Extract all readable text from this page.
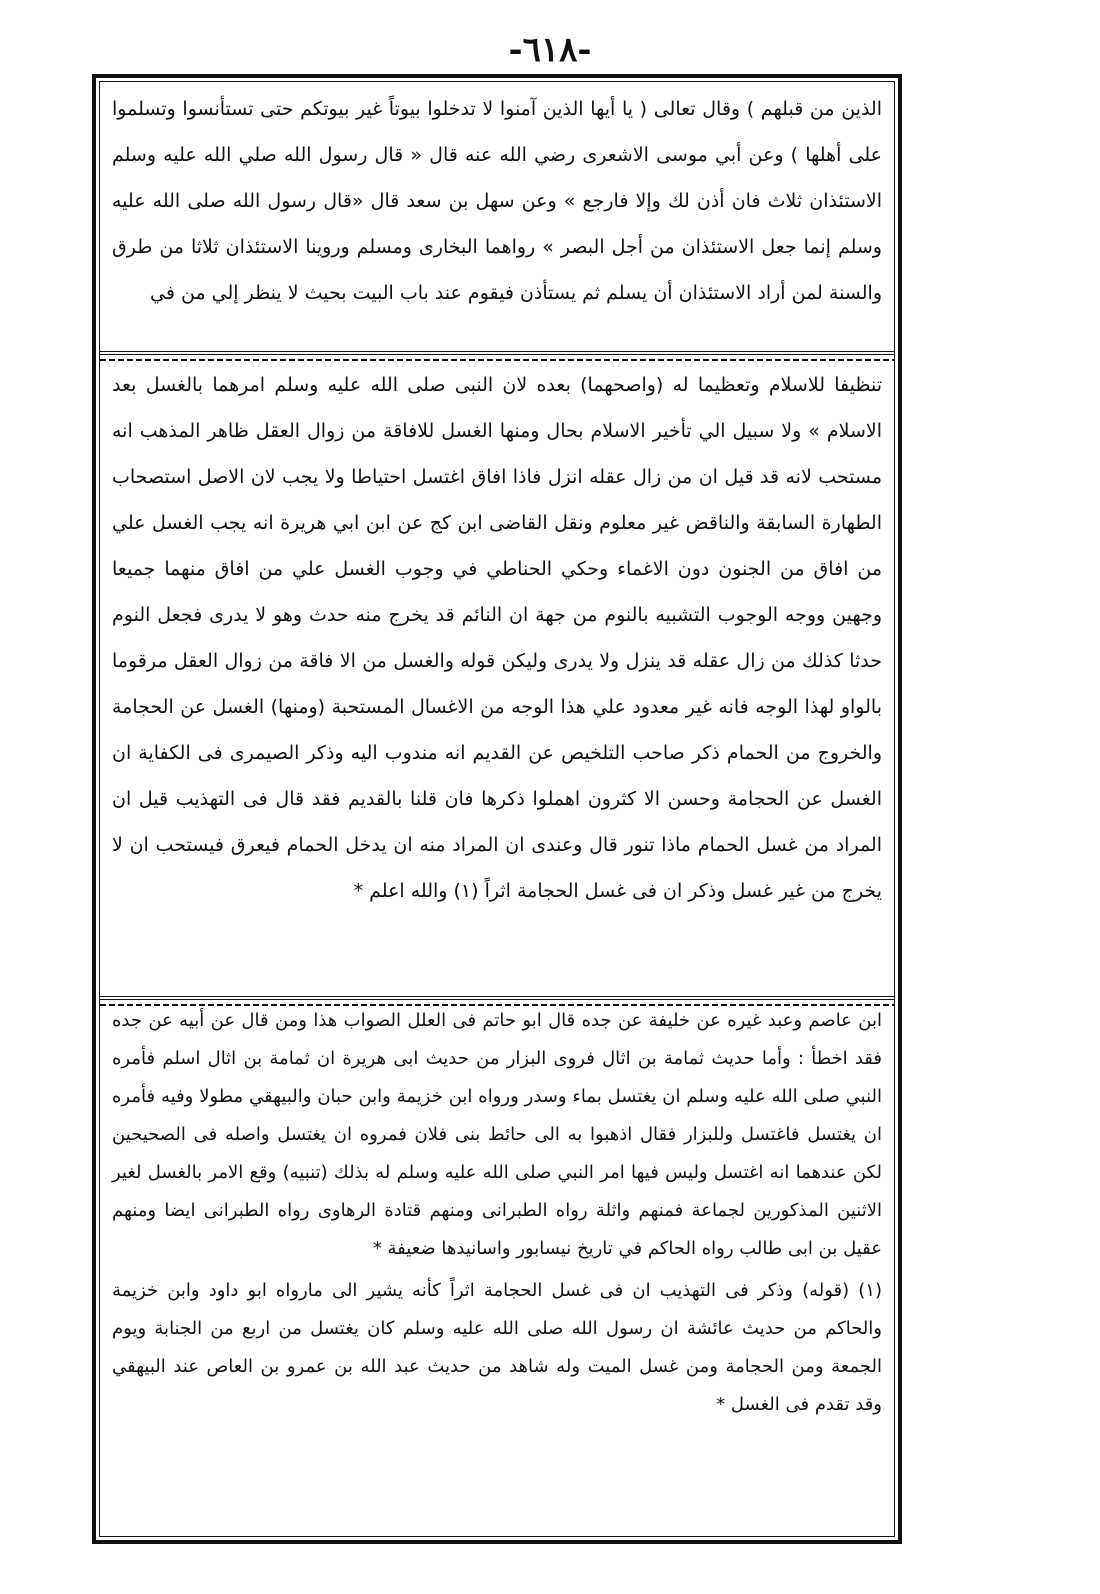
-٦١٨-

الذين من قبلهم ) وقال تعالى ( يا أيها الذين آمنوا لا تدخلوا بيوتاً غير بيوتكم حتى تستأنسوا وتسلموا على أهلها ) وعن أبي موسى الاشعرى رضي الله عنه قال « قال رسول الله صلي الله عليه وسلم الاستئذان ثلاث فان أذن لك وإلا فارجع » وعن سهل بن سعد قال «قال رسول الله صلى الله عليه وسلم إنما جعل الاستئذان من أجل البصر » رواهما البخارى ومسلم وروينا الاستئذان ثلاثا من طرق والسنة لمن أراد الاستئذان أن يسلم ثم يستأذن فيقوم عند باب البيت بحيث لا ينظر إلي من في

تنظيفا للاسلام وتعظيما له (واصحهما) بعده لان النبى صلى الله عليه وسلم امرهما بالغسل بعد الاسلام » ولا سبيل الي تأخير الاسلام بحال ومنها الغسل للافاقة من زوال العقل ظاهر المذهب انه مستحب لانه قد قيل ان من زال عقله انزل فاذا افاق اغتسل احتياطا ولا يجب لان الاصل استصحاب الطهارة السابقة والناقض غير معلوم ونقل القاضى ابن كج عن ابن ابي هريرة انه يجب الغسل علي من افاق من الجنون دون الاغماء وحكي الحناطي في وجوب الغسل علي من افاق منهما جميعا وجهين ووجه الوجوب التشبيه بالنوم من جهة ان النائم قد يخرج منه حدث وهو لا يدرى فجعل النوم حدثا كذلك من زال عقله قد ينزل ولا يدرى وليكن قوله والغسل من الا فاقة من زوال العقل مرقوما بالواو لهذا الوجه فانه غير معدود علي هذا الوجه من الاغسال المستحبة (ومنها) الغسل عن الحجامة والخروج من الحمام ذكر صاحب التلخيص عن القديم انه مندوب اليه وذكر الصيمرى فى الكفاية ان الغسل عن الحجامة وحسن الا كثرون اهملوا ذكرها فان قلنا بالقديم فقد قال فى التهذيب قيل ان المراد من غسل الحمام ماذا تنور قال وعندى ان المراد منه ان يدخل الحمام فيعرق فيستحب ان لا يخرج من غير غسل وذكر ان فى غسل الحجامة اثراً (١) والله اعلم *

ابن عاصم وعبد غيره عن خليفة عن جده قال ابو حاتم فى العلل الصواب هذا ومن قال عن أبيه عن جده فقد اخطأ : وأما حديث ثمامة بن اثال فروى البزار من حديث ابى هريرة ان ثمامة بن اثال اسلم فأمره النبي صلى الله عليه وسلم ان يغتسل بماء وسدر ورواه ابن خزيمة وابن حبان والبيهقي مطولا وفيه فأمره ان يغتسل فاغتسل وللبزار فقال اذهبوا به الى حائط بنى فلان فمروه ان يغتسل واصله فى الصحيحين لكن عندهما انه اغتسل وليس فيها امر النبي صلى الله عليه وسلم له بذلك (تنبيه) وقع الامر بالغسل لغير الاثنين المذكورين لجماعة فمنهم واثلة رواه الطبرانى ومنهم قتادة الرهاوى رواه الطبرانى ايضا ومنهم عقيل بن ابى طالب رواه الحاكم في تاريخ نيسابور واسانيدها ضعيفة *

(١) (قوله) وذكر فى التهذيب ان فى غسل الحجامة اثراً كأنه يشير الى مارواه ابو داود وابن خزيمة والحاكم من حديث عائشة ان رسول الله صلى الله عليه وسلم كان يغتسل من اربع من الجنابة ويوم الجمعة ومن الحجامة ومن غسل الميت وله شاهد من حديث عبد الله بن عمرو بن العاص عند البيهقي وقد تقدم فى الغسل *
